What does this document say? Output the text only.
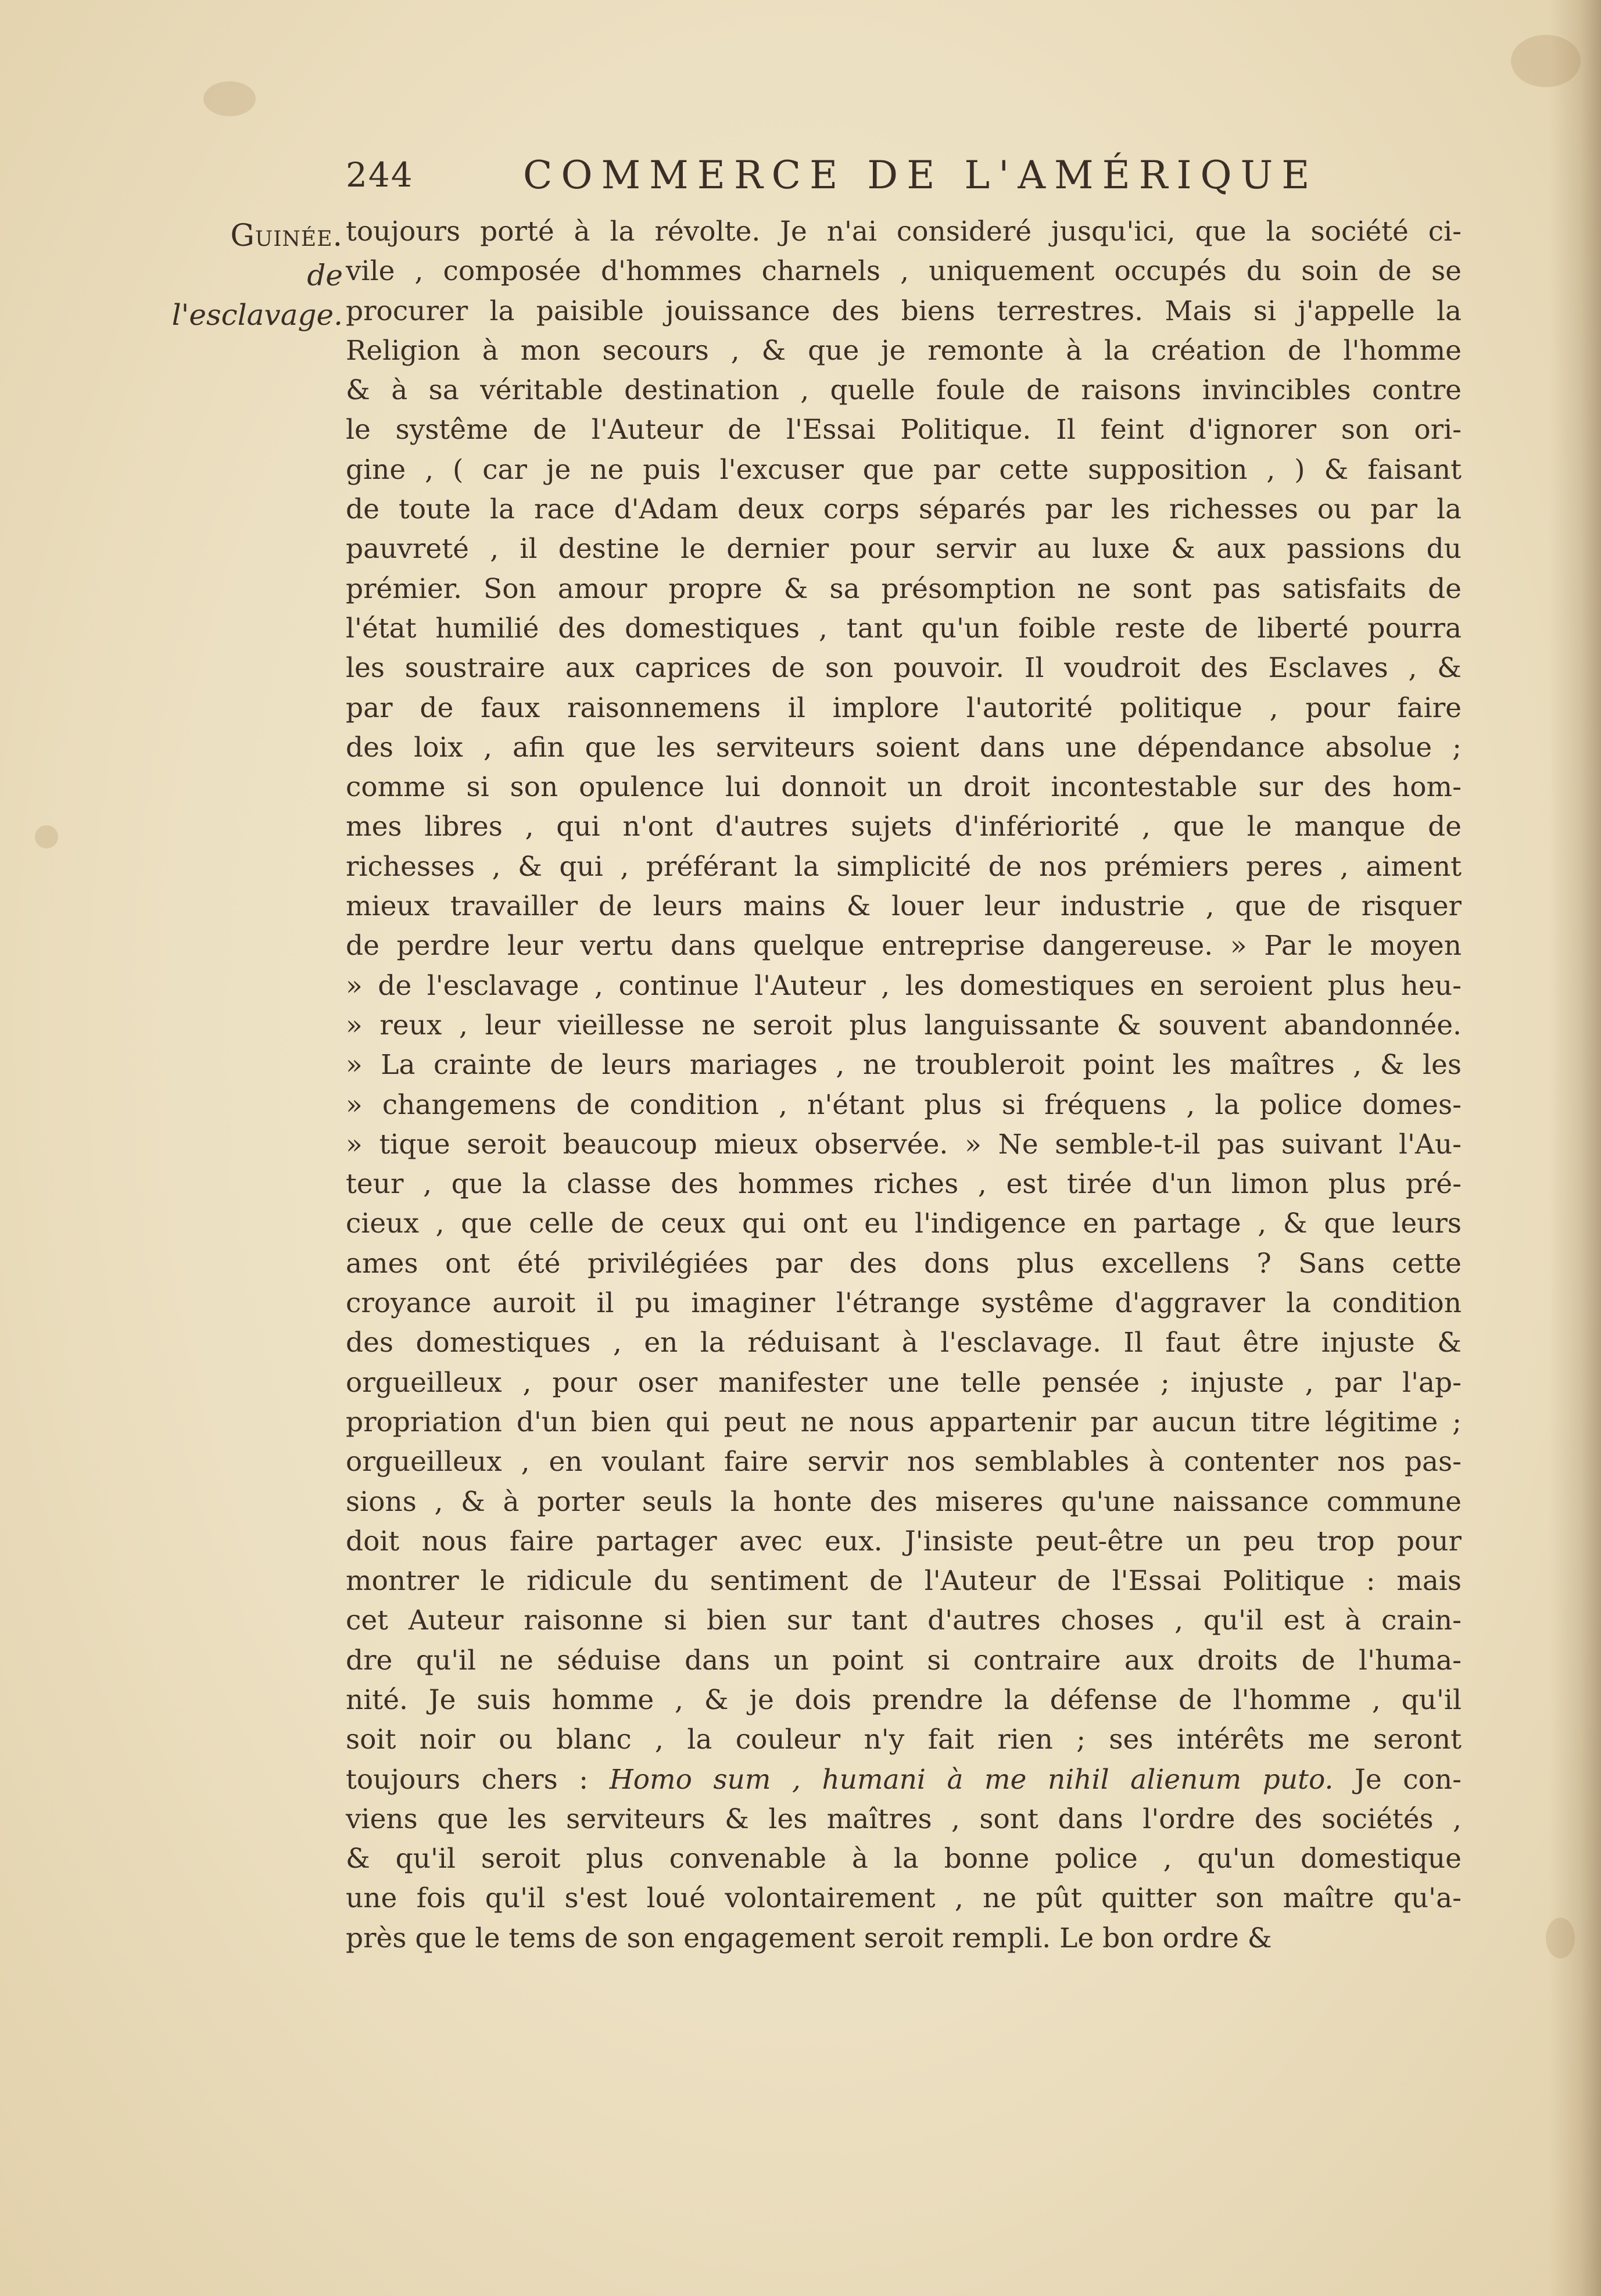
244	COMMERCE DE L'AMÉRIQUE
Guinée.
de l'esclavage.
toujours porté à la révolte. Je n'ai consideré jusqu'ici, que la société ci-
vile , composée d'hommes charnels , uniquement occupés du soin de se
procurer la paisible jouissance des biens terrestres. Mais si j'appelle la
Religion à mon secours , & que je remonte à la création de l'homme
& à sa véritable destination , quelle foule de raisons invincibles contre
le systême de l'Auteur de l'Essai Politique. Il feint d'ignorer son ori-
gine , ( car je ne puis l'excuser que par cette supposition , ) & faisant
de toute la race d'Adam deux corps séparés par les richesses ou par la
pauvreté , il destine le dernier pour servir au luxe & aux passions du
prémier. Son amour propre & sa présomption ne sont pas satisfaits de
l'état humilié des domestiques , tant qu'un foible reste de liberté pourra
les soustraire aux caprices de son pouvoir. Il voudroit des Esclaves , &
par de faux raisonnemens il implore l'autorité politique , pour faire
des loix , afin que les serviteurs soient dans une dépendance absolue ;
comme si son opulence lui donnoit un droit incontestable sur des hom-
mes libres , qui n'ont d'autres sujets d'infériorité , que le manque de
richesses , & qui , préférant la simplicité de nos prémiers peres , aiment
mieux travailler de leurs mains & louer leur industrie , que de risquer
de perdre leur vertu dans quelque entreprise dangereuse. » Par le moyen
» de l'esclavage , continue l'Auteur , les domestiques en seroient plus heu-
» reux , leur vieillesse ne seroit plus languissante & souvent abandonnée.
» La crainte de leurs mariages , ne troubleroit point les maîtres , & les
» changemens de condition , n'étant plus si fréquens , la police domes-
» tique seroit beaucoup mieux observée. » Ne semble-t-il pas suivant l'Au-
teur , que la classe des hommes riches , est tirée d'un limon plus pré-
cieux , que celle de ceux qui ont eu l'indigence en partage , & que leurs
ames ont été privilégiées par des dons plus excellens ? Sans cette
croyance auroit il pu imaginer l'étrange systême d'aggraver la condition
des domestiques , en la réduisant à l'esclavage. Il faut être injuste &
orgueilleux , pour oser manifester une telle pensée ; injuste , par l'ap-
propriation d'un bien qui peut ne nous appartenir par aucun titre légitime ;
orgueilleux , en voulant faire servir nos semblables à contenter nos pas-
sions , & à porter seuls la honte des miseres qu'une naissance commune
doit nous faire partager avec eux. J'insiste peut-être un peu trop pour
montrer le ridicule du sentiment de l'Auteur de l'Essai Politique : mais
cet Auteur raisonne si bien sur tant d'autres choses , qu'il est à crain-
dre qu'il ne séduise dans un point si contraire aux droits de l'huma-
nité. Je suis homme , & je dois prendre la défense de l'homme , qu'il
soit noir ou blanc , la couleur n'y fait rien ; ses intérêts me seront
toujours chers : Homo sum , humani à me nihil alienum puto. Je con-
viens que les serviteurs & les maîtres , sont dans l'ordre des sociétés ,
& qu'il seroit plus convenable à la bonne police , qu'un domestique
une fois qu'il s'est loué volontairement , ne pût quitter son maître qu'a-
près que le tems de son engagement seroit rempli. Le bon ordre &
